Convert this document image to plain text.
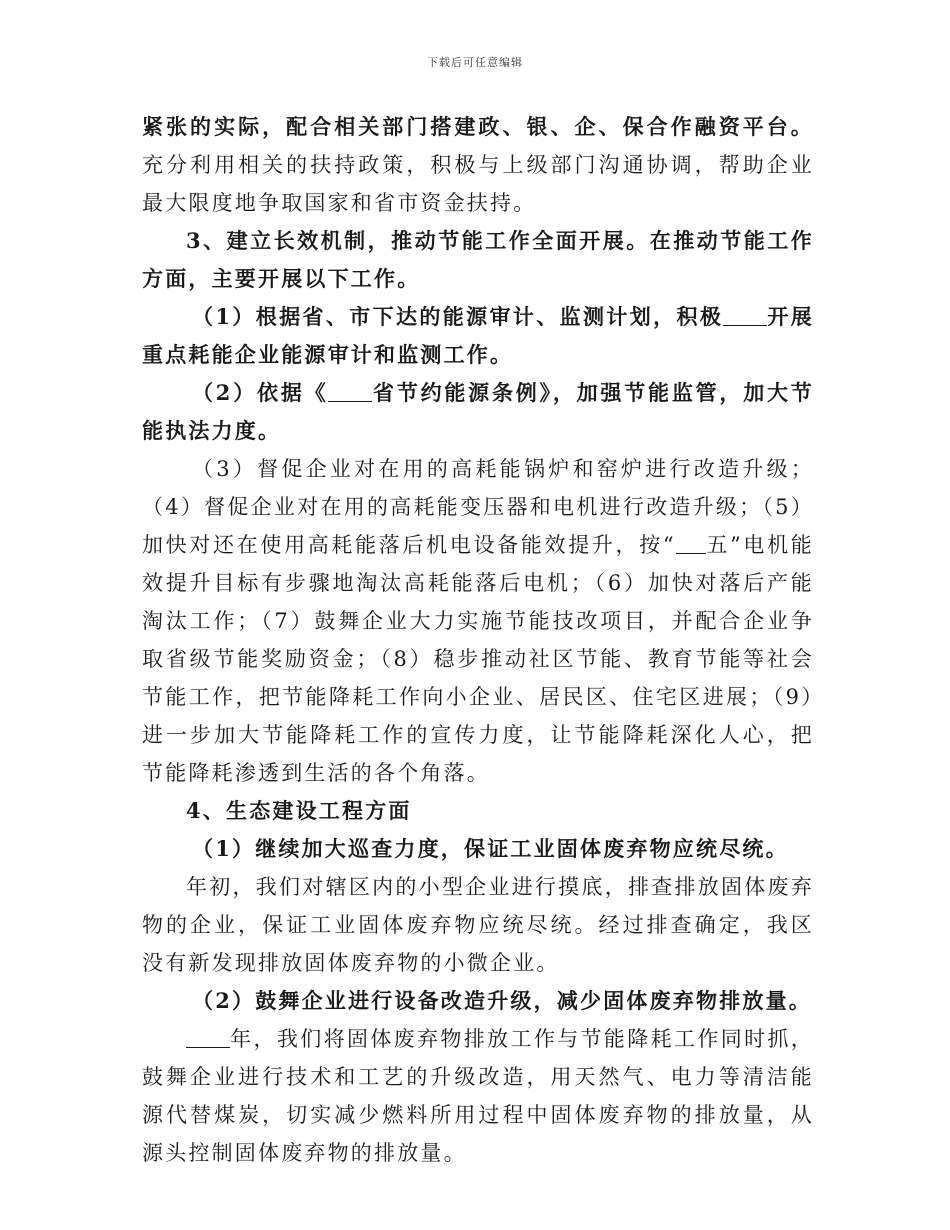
下载后可任意编辑

紧张的实际，配合相关部门搭建政、银、企、保合作融资平台。充分利用相关的扶持政策，积极与上级部门沟通协调，帮助企业最大限度地争取国家和省市资金扶持。

3、建立长效机制，推动节能工作全面开展。在推动节能工作方面，主要开展以下工作。

（1）根据省、市下达的能源审计、监测计划，积极 开展重点耗能企业能源审计和监测工作。

（2）依据《 省节约能源条例》，加强节能监管，加大节能执法力度。

（3）督促企业对在用的高耗能锅炉和窑炉进行改造升级；（4）督促企业对在用的高耗能变压器和电机进行改造升级；（5）加快对还在使用高耗能落后机电设备能效提升，按“ 五”电机能效提升目标有步骤地淘汰高耗能落后电机；（6）加快对落后产能淘汰工作；（7）鼓舞企业大力实施节能技改项目，并配合企业争取省级节能奖励资金；（8）稳步推动社区节能、教育节能等社会节能工作，把节能降耗工作向小企业、居民区、住宅区进展；（9）进一步加大节能降耗工作的宣传力度，让节能降耗深化人心，把节能降耗渗透到生活的各个角落。

4、生态建设工程方面

（1）继续加大巡查力度，保证工业固体废弃物应统尽统。

年初，我们对辖区内的小型企业进行摸底，排查排放固体废弃物的企业，保证工业固体废弃物应统尽统。经过排查确定，我区没有新发现排放固体废弃物的小微企业。

（2）鼓舞企业进行设备改造升级，减少固体废弃物排放量。

年，我们将固体废弃物排放工作与节能降耗工作同时抓，鼓舞企业进行技术和工艺的升级改造，用天然气、电力等清洁能源代替煤炭，切实减少燃料所用过程中固体废弃物的排放量，从源头控制固体废弃物的排放量。
